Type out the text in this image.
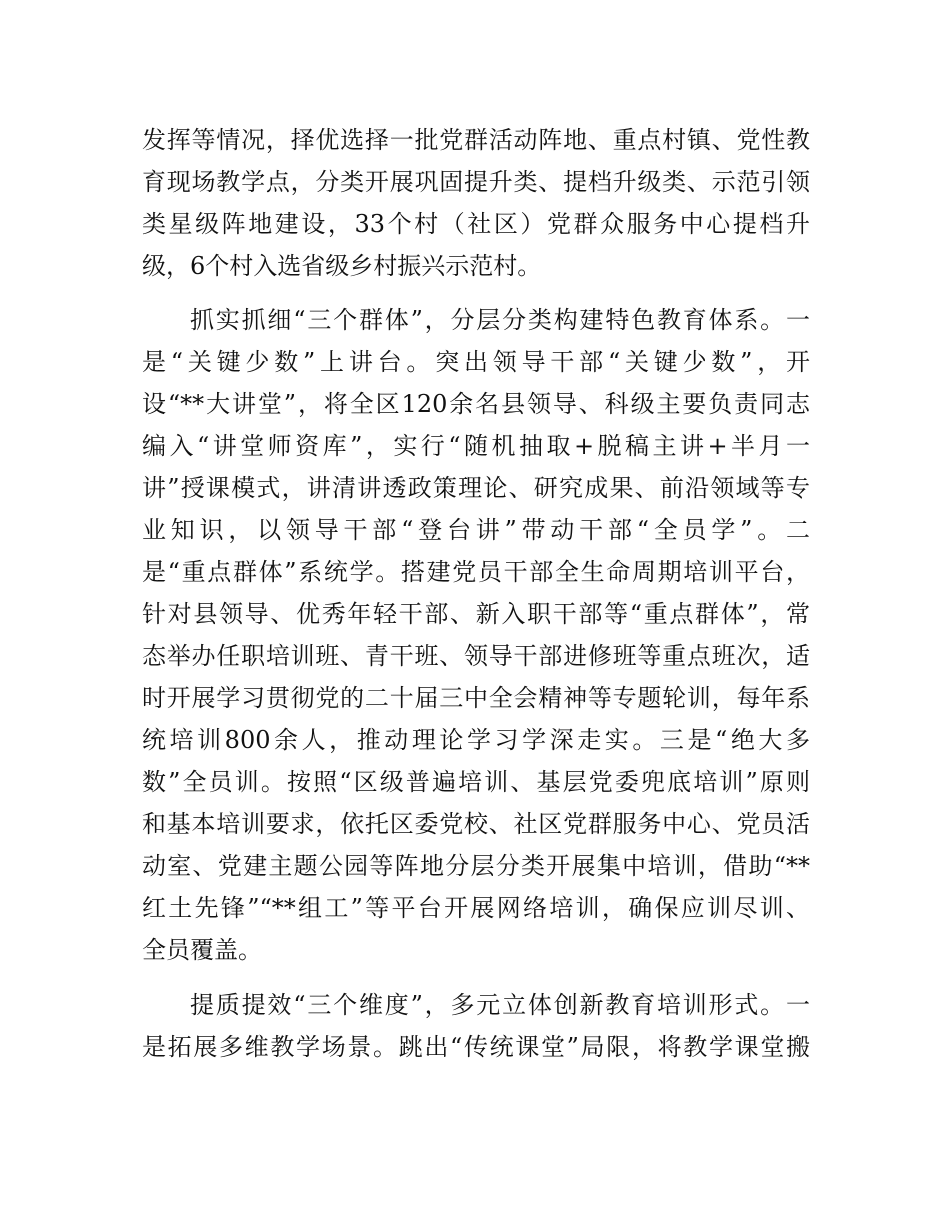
发挥等情况，择优选择一批党群活动阵地、重点村镇、党性教
育现场教学点，分类开展巩固提升类、提档升级类、示范引领
类星级阵地建设，33个村（社区）党群众服务中心提档升
级，6个村入选省级乡村振兴示范村。
抓实抓细“三个群体”，分层分类构建特色教育体系。一
是“关键少数”上讲台。突出领导干部“关键少数”，开
设“**大讲堂”，将全区120余名县领导、科级主要负责同志
编入“讲堂师资库”，实行“随机抽取+脱稿主讲+半月一
讲”授课模式，讲清讲透政策理论、研究成果、前沿领域等专
业知识，以领导干部“登台讲”带动干部“全员学”。二
是“重点群体”系统学。搭建党员干部全生命周期培训平台，
针对县领导、优秀年轻干部、新入职干部等“重点群体”，常
态举办任职培训班、青干班、领导干部进修班等重点班次，适
时开展学习贯彻党的二十届三中全会精神等专题轮训，每年系
统培训800余人，推动理论学习学深走实。三是“绝大多
数”全员训。按照“区级普遍培训、基层党委兜底培训”原则
和基本培训要求，依托区委党校、社区党群服务中心、党员活
动室、党建主题公园等阵地分层分类开展集中培训，借助“**
红土先锋”“**组工”等平台开展网络培训，确保应训尽训、
全员覆盖。
提质提效“三个维度”，多元立体创新教育培训形式。一
是拓展多维教学场景。跳出“传统课堂”局限，将教学课堂搬
